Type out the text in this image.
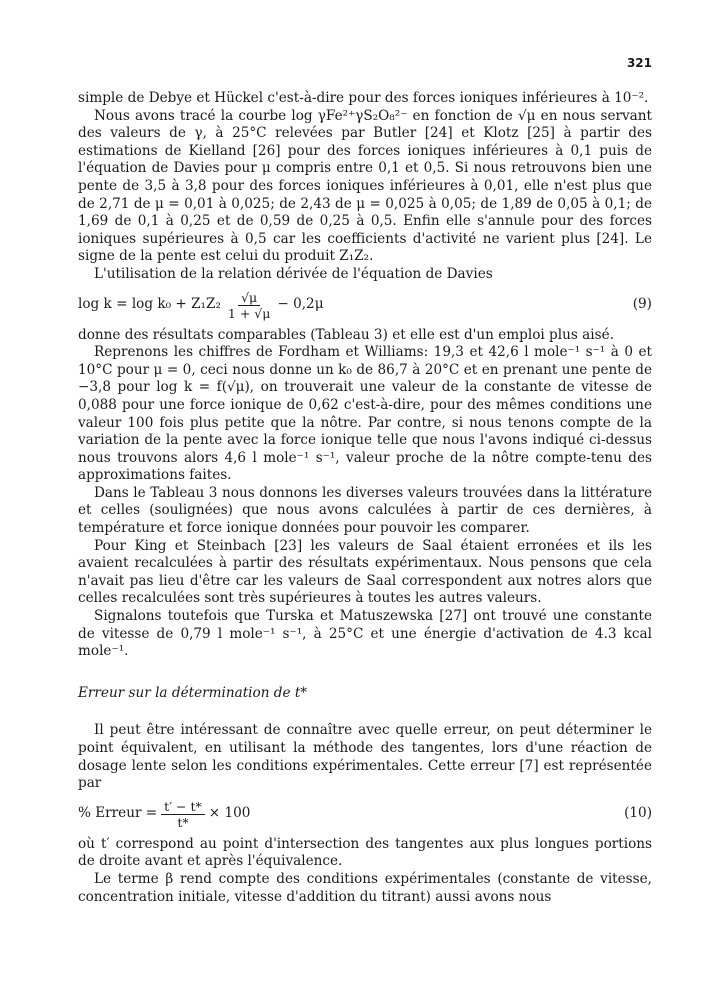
321

simple de Debye et Hückel c'est-à-dire pour des forces ioniques inférieures à 10⁻².

Nous avons tracé la courbe log γFe²⁺γS₂O₈²⁻ en fonction de √μ en nous servant des valeurs de γ, à 25°C relevées par Butler [24] et Klotz [25] à partir des estimations de Kielland [26] pour des forces ioniques inférieures à 0,1 puis de l'équation de Davies pour μ compris entre 0,1 et 0,5. Si nous retrouvons bien une pente de 3,5 à 3,8 pour des forces ioniques inférieures à 0,01, elle n'est plus que de 2,71 de μ = 0,01 à 0,025; de 2,43 de μ = 0,025 à 0,05; de 1,89 de 0,05 à 0,1; de 1,69 de 0,1 à 0,25 et de 0,59 de 0,25 à 0,5. Enfin elle s'annule pour des forces ioniques supérieures à 0,5 car les coefficients d'activité ne varient plus [24]. Le signe de la pente est celui du produit Z₁Z₂.

L'utilisation de la relation dérivée de l'équation de Davies

$\log k = \log k_0 + Z_1Z_2 \frac{√\mu}{1 + √\mu} - 0,2\mu$	(9)

donne des résultats comparables (Tableau 3) et elle est d'un emploi plus aisé.

Reprenons les chiffres de Fordham et Williams: 19,3 et 42,6 l mole⁻¹ s⁻¹ à 0 et 10°C pour μ = 0, ceci nous donne un k₀ de 86,7 à 20°C et en prenant une pente de −3,8 pour log k = f(√μ), on trouverait une valeur de la constante de vitesse de 0,088 pour une force ionique de 0,62 c'est-à-dire, pour des mêmes conditions une valeur 100 fois plus petite que la nôtre. Par contre, si nous tenons compte de la variation de la pente avec la force ionique telle que nous l'avons indiqué ci-dessus nous trouvons alors 4,6 l mole⁻¹ s⁻¹, valeur proche de la nôtre compte-tenu des approximations faites.

Dans le Tableau 3 nous donnons les diverses valeurs trouvées dans la littérature et celles (soulignées) que nous avons calculées à partir de ces dernières, à température et force ionique données pour pouvoir les comparer.

Pour King et Steinbach [23] les valeurs de Saal étaient erronées et ils les avaient recalculées à partir des résultats expérimentaux. Nous pensons que cela n'avait pas lieu d'être car les valeurs de Saal correspondent aux notres alors que celles recalculées sont très supérieures à toutes les autres valeurs.

Signalons toutefois que Turska et Matuszewska [27] ont trouvé une constante de vitesse de 0,79 l mole⁻¹ s⁻¹, à 25°C et une énergie d'activation de 4.3 kcal mole⁻¹.

Erreur sur la détermination de t*

Il peut être intéressant de connaître avec quelle erreur, on peut déterminer le point équivalent, en utilisant la méthode des tangentes, lors d'une réaction de dosage lente selon les conditions expérimentales. Cette erreur [7] est représentée par

% Erreur = $\frac{t' - t*}{t*} \times 100$	(10)

où t′ correspond au point d'intersection des tangentes aux plus longues portions de droite avant et après l'équivalence.

Le terme β rend compte des conditions expérimentales (constante de vitesse, concentration initiale, vitesse d'addition du titrant) aussi avons nous
